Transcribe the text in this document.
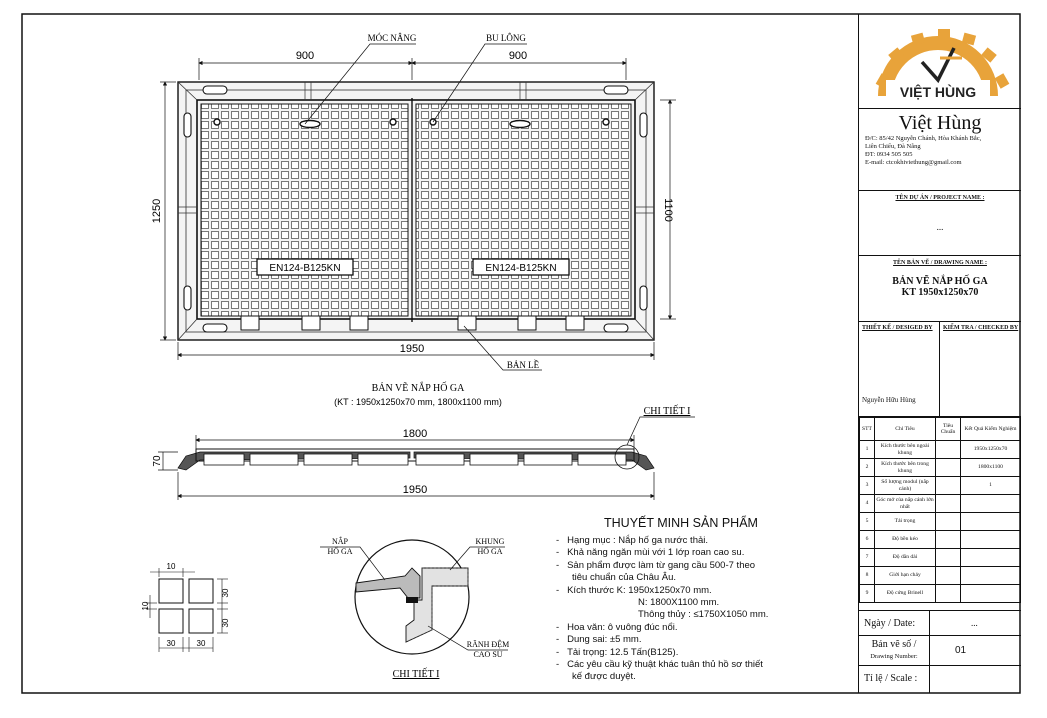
EN124-B125KN	EN124-B125KN
900	900
1250	1100
1950
MÓC NÂNG	BU LÔNG
BẢN LỀ
BẢN VẼ NẮP HỐ GA
(KT : 1950x1250x70 mm, 1800x1100 mm)
1800
1950
70
CHI TIẾT I
NẮP
HỐ GA
KHUNG
HỐ GA
RÃNH ĐỆM
CAO SU
CHI TIẾT I
10
10
30
30
30	30
VIỆT HÙNG
THUYẾT MINH SẢN PHẨM
-   Hạng mục : Nắp hố ga nước thải.
-   Khả năng ngăn mùi với 1 lớp roan cao su.
-   Sản phẩm được làm từ gang cầu 500-7 theo
tiêu chuẩn của Châu Âu.
-   Kích thước K: 1950x1250x70 mm.
N: 1800X1100 mm.
Thông thủy : ≤1750X1050 mm.
-   Hoa văn: ô vuông đúc nổi.
-   Dung sai: ±5 mm.
-   Tải trọng: 12.5 Tấn(B125).
-   Các yêu cầu kỹ thuật khác tuân thủ hồ sơ thiết
kế được duyệt.
Việt Hùng
Đ/C: 85/42 Nguyễn Chánh, Hòa Khánh Bắc,
Liên Chiểu, Đà Nẵng
ĐT: 0934 505 505
E-mail: ctcokhiviethung@gmail.com
TÊN DỰ ÁN / PROJECT NAME :
...
TÊN BẢN VẼ / DRAWING NAME :
BẢN VẼ NẮP HỐ GA
KT 1950x1250x70
THIẾT KẾ / DESIGED BY KIỂM TRA / CHECKED BY
Nguyễn Hữu Hùng
STT	Chỉ Tiêu	Tiêu Chuẩn	Kết Quả Kiểm Nghiệm
1	Kích thước bên ngoài khung		1950x1250x70
2	Kích thước bên trong khung		1800x1100
3	Số lượng modul (nắp cánh)		1
4	Góc mở của nắp cánh lớn nhất		
5	Tải trọng		
6	Độ bền kéo		
7	Độ dãn dài		
8	Giới hạn chảy		
9	Độ cứng Brinell		
Ngày / Date:	...
Bản vẽ số /
Drawing Number:
01
Tỉ lệ / Scale :
